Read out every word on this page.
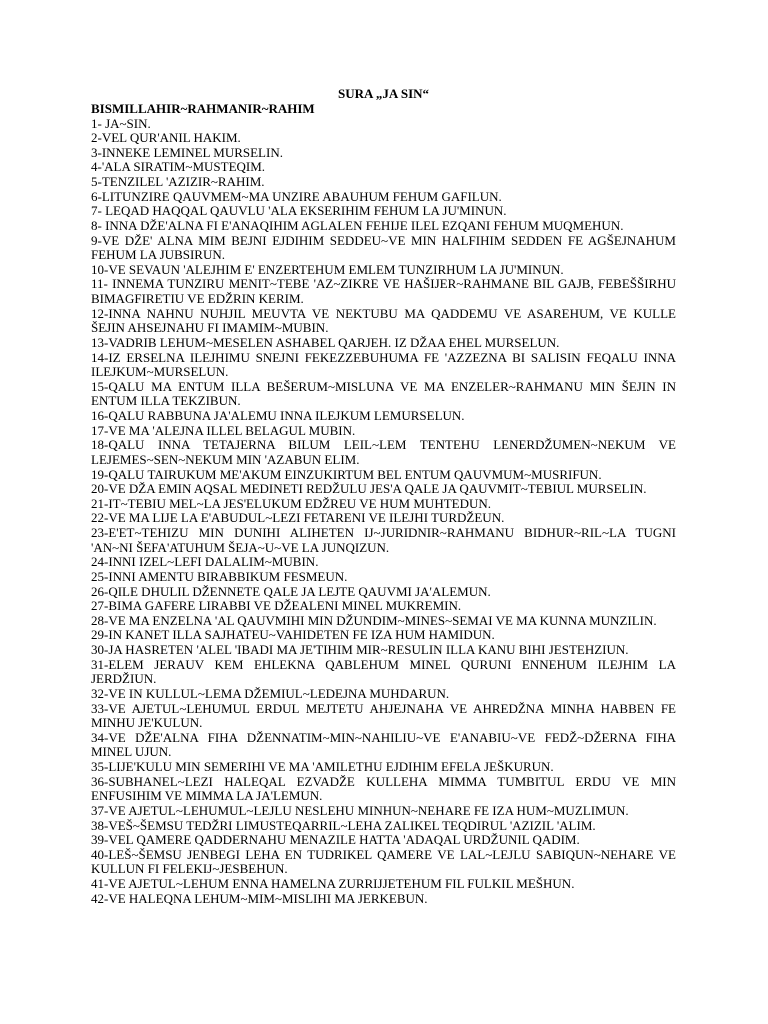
SURA „JA SIN“

BISMILLAHIR~RAHMANIR~RAHIM

1- JA~SIN.
2-VEL QUR'ANIL HAKIM.
3-INNEKE LEMINEL MURSELIN.
4-'ALA SIRATIM~MUSTEQIM.
5-TENZILEL 'AZIZIR~RAHIM.
6-LITUNZIRE QAUVMEM~MA UNZIRE ABAUHUM FEHUM GAFILUN.
7- LEQAD HAQQAL QAUVLU 'ALA EKSERIHIM FEHUM LA JU'MINUN.
8- INNA DŽE'ALNA FI E'ANAQIHIM AGLALEN FEHIJE ILEL EZQANI FEHUM MUQMEHUN.
9-VE DŽE' ALNA MIM BEJNI EJDIHIM SEDDEU~VE MIN HALFIHIM SEDDEN FE AGŠEJNAHUM FEHUM LA JUBSIRUN.
10-VE SEVAUN 'ALEJHIM E' ENZERTEHUM EMLEM TUNZIRHUM LA JU'MINUN.
11- INNEMA TUNZIRU MENIT~TEBE 'AZ~ZIKRE VE HAŠIJER~RAHMANE BIL GAJB, FEBEŠŠIRHU BIMAGFIRETIU VE EDŽRIN KERIM.
12-INNA NAHNU NUHJIL MEUVTA VE NEKTUBU MA QADDEMU VE ASAREHUM, VE KULLE ŠEJIN AHSEJNAHU FI IMAMIM~MUBIN.
13-VADRIB LEHUM~MESELEN ASHABEL QARJEH. IZ DŽAA EHEL MURSELUN.
14-IZ ERSELNA ILEJHIMU SNEJNI FEKEZZEBUHUMA FE 'AZZEZNA BI SALISIN FEQALU INNA ILEJKUM~MURSELUN.
15-QALU MA ENTUM ILLA BEŠERUM~MISLUNA VE MA ENZELER~RAHMANU MIN ŠEJIN IN ENTUM ILLA TEKZIBUN.
16-QALU RABBUNA JA'ALEMU INNA ILEJKUM LEMURSELUN.
17-VE MA 'ALEJNA ILLEL BELAGUL MUBIN.
18-QALU INNA TETAJERNA BILUM LEIL~LEM TENTEHU LENERDŽUMEN~NEKUM VE LEJEMES~SEN~NEKUM MIN 'AZABUN ELIM.
19-QALU TAIRUKUM ME'AKUM EINZUKIRTUM BEL ENTUM QAUVMUM~MUSRIFUN.
20-VE DŽA EMIN AQSAL MEDINETI REDŽULU JES'A QALE JA QAUVMIT~TEBIUL MURSELIN.
21-IT~TEBIU MEL~LA JES'ELUKUM EDŽREU VE HUM MUHTEDUN.
22-VE MA LIJE LA E'ABUDUL~LEZI FETARENI VE ILEJHI TURDŽEUN.
23-E'ET~TEHIZU MIN DUNIHI ALIHETEN IJ~JURIDNIR~RAHMANU BIDHUR~RIL~LA TUGNI 'AN~NI ŠEFA'ATUHUM ŠEJA~U~VE LA JUNQIZUN.
24-INNI IZEL~LEFI DALALIM~MUBIN.
25-INNI AMENTU BIRABBIKUM FESMEUN.
26-QILE DHULIL DŽENNETE QALE JA LEJTE QAUVMI JA'ALEMUN.
27-BIMA GAFERE LIRABBI VE DŽEALENI MINEL MUKREMIN.
28-VE MA ENZELNA 'AL QAUVMIHI MIN DŽUNDIM~MINES~SEMAI VE MA KUNNA MUNZILIN.
29-IN KANET ILLA SAJHATEU~VAHIDETEN FE IZA HUM HAMIDUN.
30-JA HASRETEN 'ALEL 'IBADI MA JE'TIHIM MIR~RESULIN ILLA KANU BIHI JESTEHZIUN.
31-ELEM JERAUV KEM EHLEKNA QABLEHUM MINEL QURUNI ENNEHUM ILEJHIM LA JERDŽIUN.
32-VE IN KULLUL~LEMA DŽEMIUL~LEDEJNA MUHDARUN.
33-VE AJETUL~LEHUMUL ERDUL MEJTETU AHJEJNAHA VE AHREDŽNA MINHA HABBEN FE MINHU JE'KULUN.
34-VE DŽE'ALNA FIHA DŽENNATIM~MIN~NAHILIU~VE E'ANABIU~VE FEDŽ~DŽERNA FIHA MINEL UJUN.
35-LIJE'KULU MIN SEMERIHI VE MA 'AMILETHU EJDIHIM EFELA JEŠKURUN.
36-SUBHANEL~LEZI HALEQAL EZVADŽE KULLEHA MIMMA TUMBITUL ERDU VE MIN ENFUSIHIM VE MIMMA LA JA'LEMUN.
37-VE AJETUL~LEHUMUL~LEJLU NESLEHU MINHUN~NEHARE FE IZA HUM~MUZLIMUN.
38-VEŠ~ŠEMSU TEDŽRI LIMUSTEQARRIL~LEHA ZALIKEL TEQDIRUL 'AZIZIL 'ALIM.
39-VEL QAMERE QADDERNAHU MENAZILE HATTA 'ADAQAL URDŽUNIL QADIM.
40-LEŠ~ŠEMSU JENBEGI LEHA EN TUDRIKEL QAMERE VE LAL~LEJLU SABIQUN~NEHARE VE KULLUN FI FELEKIJ~JESBEHUN.
41-VE AJETUL~LEHUM ENNA HAMELNA ZURRIJJETEHUM FIL FULKIL MEŠHUN.
42-VE HALEQNA LEHUM~MIM~MISLIHI MA JERKEBUN.
